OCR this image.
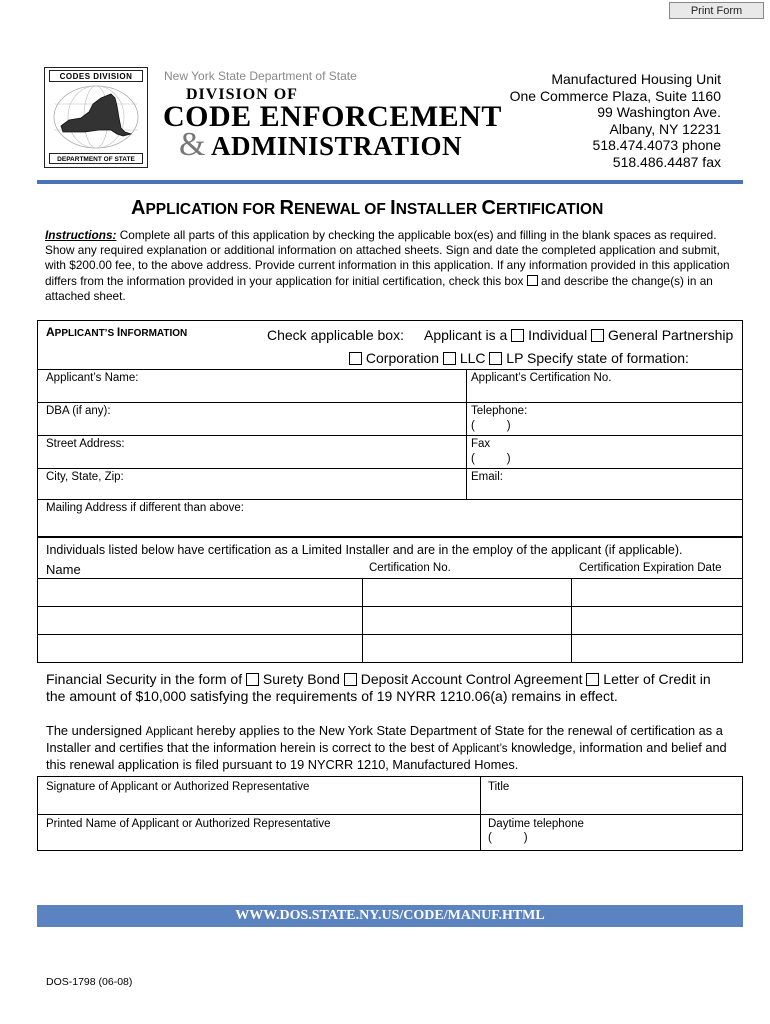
Print Form
CODES DIVISION
DEPARTMENT OF STATE
New York State Department of State
DIVISION OF
CODE ENFORCEMENT
& ADMINISTRATION
Manufactured Housing Unit
One Commerce Plaza, Suite 1160
99 Washington Ave.
Albany, NY 12231
518.474.4073 phone
518.486.4487 fax
APPLICATION FOR RENEWAL OF INSTALLER CERTIFICATION
Instructions: Complete all parts of this application by checking the applicable box(es) and filling in the blank spaces as required. Show any required explanation or additional information on attached sheets. Sign and date the completed application and submit, with $200.00 fee, to the above address. Provide current information in this application. If any information provided in this application differs from the information provided in your application for initial certification, check this box and describe the change(s) in an attached sheet.
APPLICANT’S INFORMATION	Check applicable box: Applicant is a Individual General Partnership
Corporation LLC LP Specify state of formation:
Applicant’s Name:	Applicant’s Certification No.
DBA (if any):	Telephone:
(          )
Street Address:	Fax
(          )
City, State, Zip:	Email:
Mailing Address if different than above:
Individuals listed below have certification as a Limited Installer and are in the employ of the applicant (if applicable).
Name	Certification No.	Certification Expiration Date
Financial Security in the form of Surety Bond Deposit Account Control Agreement Letter of Credit in
the amount of $10,000 satisfying the requirements of 19 NYRR 1210.06(a) remains in effect.
The undersigned Applicant hereby applies to the New York State Department of State for the renewal of certification as a
Installer and certifies that the information herein is correct to the best of Applicant’s knowledge, information and belief and
this renewal application is filed pursuant to 19 NYCRR 1210, Manufactured Homes.
Signature of Applicant or Authorized Representative	Title
Printed Name of Applicant or Authorized Representative	Daytime telephone
(          )
WWW.DOS.STATE.NY.US/CODE/MANUF.HTML
DOS-1798 (06-08)
